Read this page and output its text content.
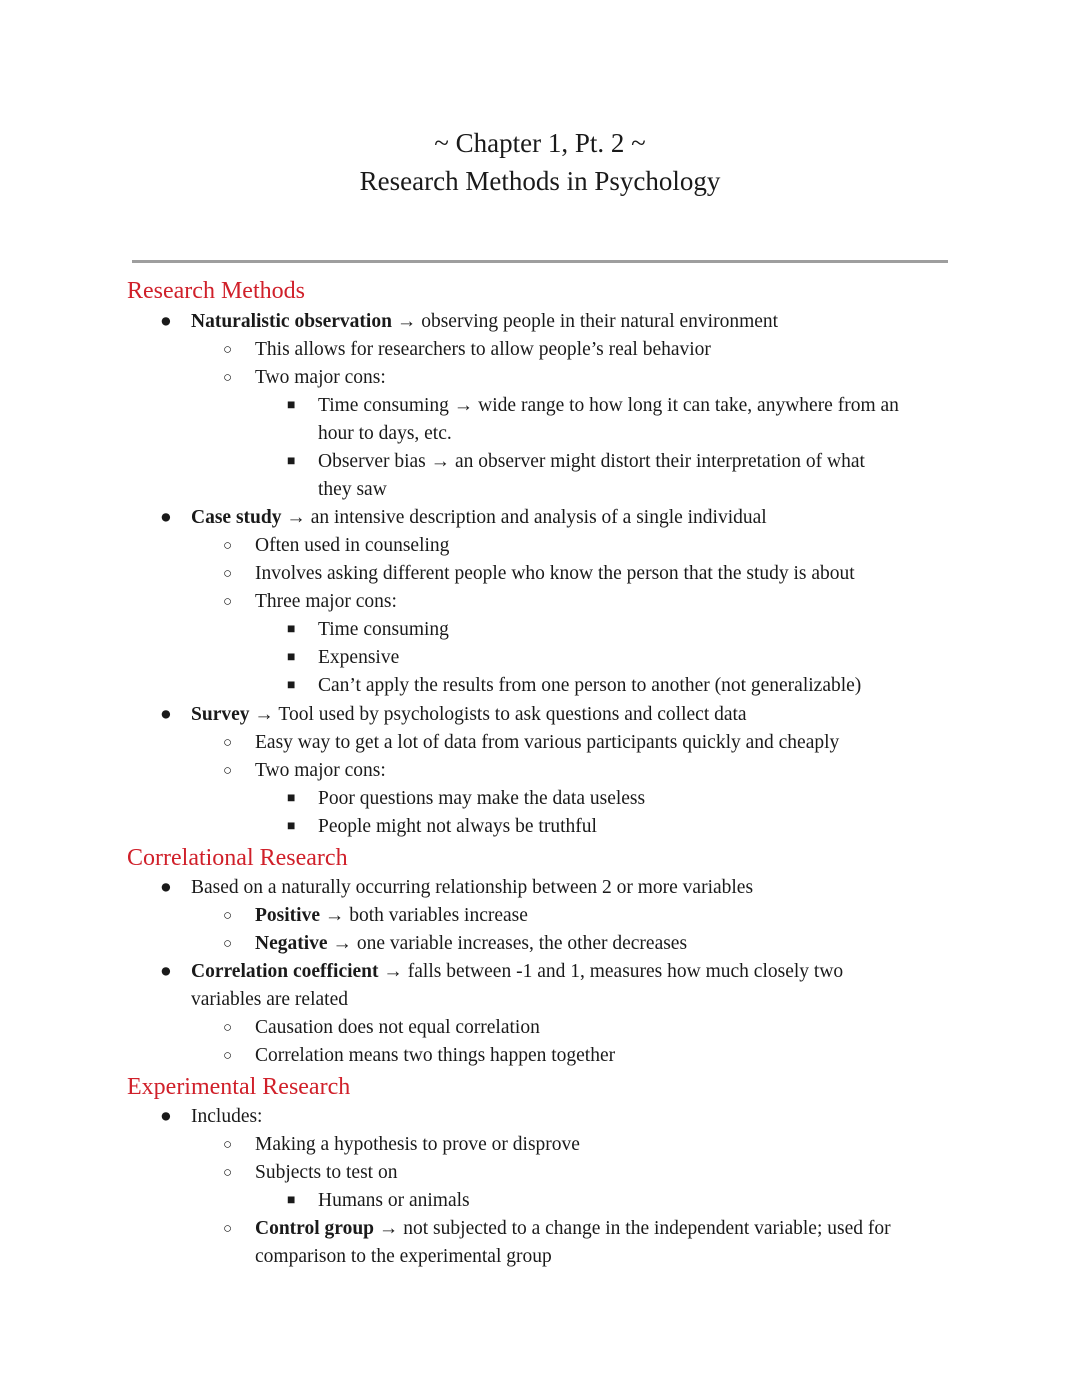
~ Chapter 1, Pt. 2 ~
Research Methods in Psychology
Research Methods
● Naturalistic observation → observing people in their natural environment
○ This allows for researchers to allow people’s real behavior
○ Two major cons:
■ Time consuming → wide range to how long it can take, anywhere from an
hour to days, etc.
■ Observer bias → an observer might distort their interpretation of what
they saw
● Case study → an intensive description and analysis of a single individual
○ Often used in counseling
○ Involves asking different people who know the person that the study is about
○ Three major cons:
■ Time consuming
■ Expensive
■ Can’t apply the results from one person to another (not generalizable)
● Survey → Tool used by psychologists to ask questions and collect data
○ Easy way to get a lot of data from various participants quickly and cheaply
○ Two major cons:
■ Poor questions may make the data useless
■ People might not always be truthful
Correlational Research
● Based on a naturally occurring relationship between 2 or more variables
○ Positive → both variables increase
○ Negative → one variable increases, the other decreases
● Correlation coefficient → falls between -1 and 1, measures how much closely two
variables are related
○ Causation does not equal correlation
○ Correlation means two things happen together
Experimental Research
● Includes:
○ Making a hypothesis to prove or disprove
○ Subjects to test on
■ Humans or animals
○ Control group → not subjected to a change in the independent variable; used for
comparison to the experimental group
